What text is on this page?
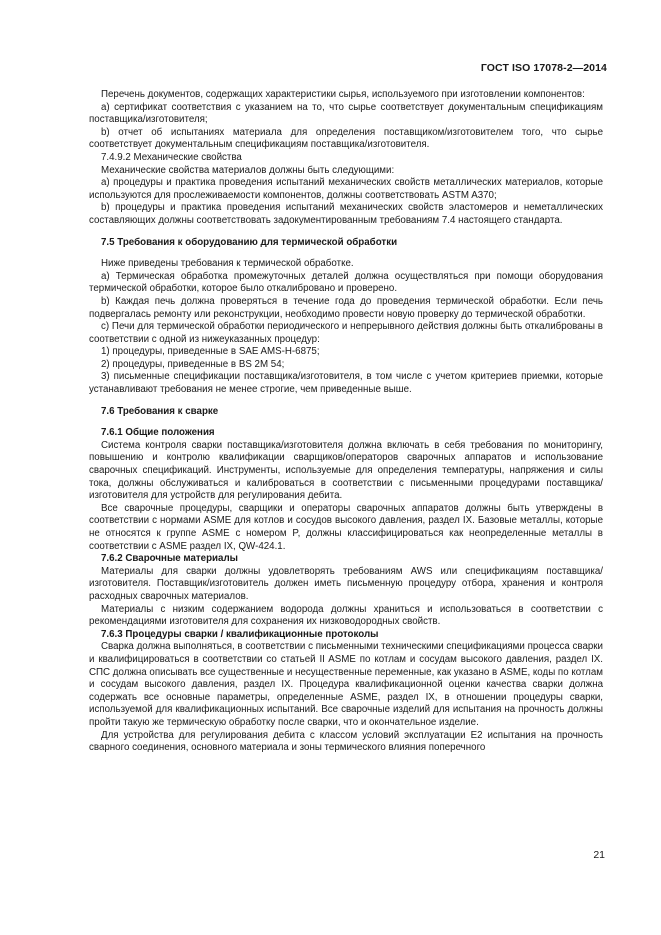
ГОСТ ISO 17078-2—2014

Перечень документов, содержащих характеристики сырья, используемого при изготовлении компонентов:

a) сертификат соответствия с указанием на то, что сырье соответствует документальным спецификациям поставщика/изготовителя;

b) отчет об испытаниях материала для определения поставщиком/изготовителем того, что сырье соответствует документальным спецификациям поставщика/изготовителя.

7.4.9.2 Механические свойства

Механические свойства материалов должны быть следующими:

a) процедуры и практика проведения испытаний механических свойств металлических материалов, которые используются для прослеживаемости компонентов, должны соответствовать ASTM A370;

b) процедуры и практика проведения испытаний механических свойств эластомеров и неметаллических составляющих должны соответствовать задокументированным требованиям 7.4 настоящего стандарта.

7.5 Требования к оборудованию для термической обработки

Ниже приведены требования к термической обработке.

a) Термическая обработка промежуточных деталей должна осуществляться при помощи оборудования термической обработки, которое было откалибровано и проверено.

b) Каждая печь должна проверяться в течение года до проведения термической обработки. Если печь подвергалась ремонту или реконструкции, необходимо провести новую проверку до термической обработки.

c) Печи для термической обработки периодического и непрерывного действия должны быть откалиброваны в соответствии с одной из нижеуказанных процедур:

1) процедуры, приведенные в SAE AMS-H-6875;

2) процедуры, приведенные в BS 2M 54;

3) письменные спецификации поставщика/изготовителя, в том числе с учетом критериев приемки, которые устанавливают требования не менее строгие, чем приведенные выше.

7.6 Требования к сварке

7.6.1 Общие положения

Система контроля сварки поставщика/изготовителя должна включать в себя требования по мониторингу, повышению и контролю квалификации сварщиков/операторов сварочных аппаратов и использование сварочных спецификаций. Инструменты, используемые для определения температуры, напряжения и силы тока, должны обслуживаться и калиброваться в соответствии с письменными процедурами поставщика/изготовителя для устройств для регулирования дебита.

Все сварочные процедуры, сварщики и операторы сварочных аппаратов должны быть утверждены в соответствии с нормами ASME для котлов и сосудов высокого давления, раздел IX. Базовые металлы, которые не относятся к группе ASME с номером P, должны классифицироваться как неопределенные металлы в соответствии с ASME раздел IX, QW-424.1.

7.6.2 Сварочные материалы

Материалы для сварки должны удовлетворять требованиям AWS или спецификациям поставщика/изготовителя. Поставщик/изготовитель должен иметь письменную процедуру отбора, хранения и контроля расходных сварочных материалов.

Материалы с низким содержанием водорода должны храниться и использоваться в соответствии с рекомендациями изготовителя для сохранения их низководородных свойств.

7.6.3 Процедуры сварки / квалификационные протоколы

Сварка должна выполняться, в соответствии с письменными техническими спецификациями процесса сварки и квалифицироваться в соответствии со статьей II ASME по котлам и сосудам высокого давления, раздел IX. СПС должна описывать все существенные и несущественные переменные, как указано в ASME, коды по котлам и сосудам высокого давления, раздел IX. Процедура квалификационной оценки качества сварки должна содержать все основные параметры, определенные ASME, раздел IX, в отношении процедуры сварки, используемой для квалификационных испытаний. Все сварочные изделий для испытания на прочность должны пройти такую же термическую обработку после сварки, что и окончательное изделие.

Для устройства для регулирования дебита с классом условий эксплуатации E2 испытания на прочность сварного соединения, основного материала и зоны термического влияния поперечного

21
